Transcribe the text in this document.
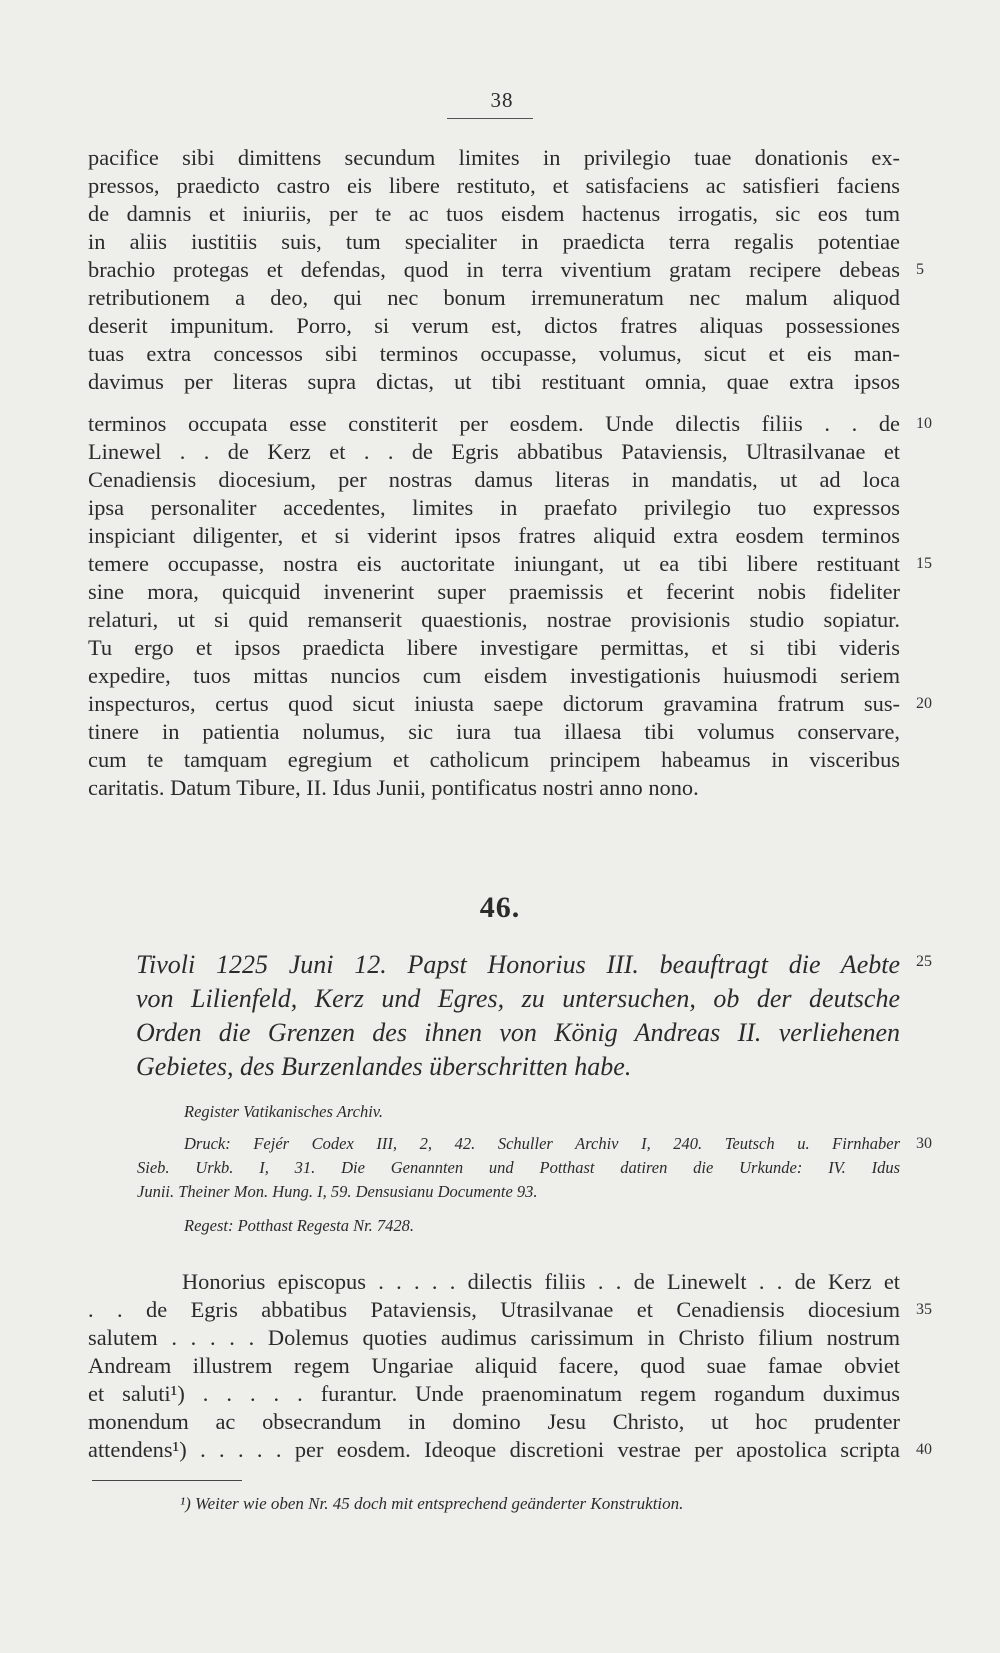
38
pacifice sibi dimittens secundum limites in privilegio tuae donationis ex-
pressos, praedicto castro eis libere restituto, et satisfaciens ac satisfieri faciens
de damnis et iniuriis, per te ac tuos eisdem hactenus irrogatis, sic eos tum
in aliis iustitiis suis, tum specialiter in praedicta terra regalis potentiae
brachio protegas et defendas, quod in terra viventium gratam recipere debeas
retributionem a deo, qui nec bonum irremuneratum nec malum aliquod
deserit impunitum. Porro, si verum est, dictos fratres aliquas possessiones
tuas extra concessos sibi terminos occupasse, volumus, sicut et eis man-
davimus per literas supra dictas, ut tibi restituant omnia, quae extra ipsos
terminos occupata esse constiterit per eosdem. Unde dilectis filiis . . de
Linewel . . de Kerz et . . de Egris abbatibus Pataviensis, Ultrasilvanae et
Cenadiensis diocesium, per nostras damus literas in mandatis, ut ad loca
ipsa personaliter accedentes, limites in praefato privilegio tuo expressos
inspiciant diligenter, et si viderint ipsos fratres aliquid extra eosdem terminos
temere occupasse, nostra eis auctoritate iniungant, ut ea tibi libere restituant
sine mora, quicquid invenerint super praemissis et fecerint nobis fideliter
relaturi, ut si quid remanserit quaestionis, nostrae provisionis studio sopiatur.
Tu ergo et ipsos praedicta libere investigare permittas, et si tibi videris
expedire, tuos mittas nuncios cum eisdem investigationis huiusmodi seriem
inspecturos, certus quod sicut iniusta saepe dictorum gravamina fratrum sus-
tinere in patientia nolumus, sic iura tua illaesa tibi volumus conservare,
cum te tamquam egregium et catholicum principem habeamus in visceribus
caritatis. Datum Tibure, II. Idus Junii, pontificatus nostri anno nono.
46.
Tivoli 1225 Juni 12. Papst Honorius III. beauftragt die Aebte
von Lilienfeld, Kerz und Egres, zu untersuchen, ob der deutsche
Orden die Grenzen des ihnen von König Andreas II. verliehenen
Gebietes, des Burzenlandes überschritten habe.
Register Vatikanisches Archiv.
Druck: Fejér Codex III, 2, 42. Schuller Archiv I, 240. Teutsch u. Firnhaber
Sieb. Urkb. I, 31. Die Genannten und Potthast datiren die Urkunde: IV. Idus
Junii. Theiner Mon. Hung. I, 59. Densusianu Documente 93.
Regest: Potthast Regesta Nr. 7428.
Honorius episcopus . . . . . dilectis filiis . . de Linewelt . . de Kerz et
. . de Egris abbatibus Pataviensis, Utrasilvanae et Cenadiensis diocesium
salutem . . . . . Dolemus quoties audimus carissimum in Christo filium nostrum
Andream illustrem regem Ungariae aliquid facere, quod suae famae obviet
et saluti¹) . . . . . furantur. Unde praenominatum regem rogandum duximus
monendum ac obsecrandum in domino Jesu Christo, ut hoc prudenter
attendens¹) . . . . . per eosdem. Ideoque discretioni vestrae per apostolica scripta
5
10
15
20
25
30
35
40
¹) Weiter wie oben Nr. 45 doch mit entsprechend geänderter Konstruktion.
